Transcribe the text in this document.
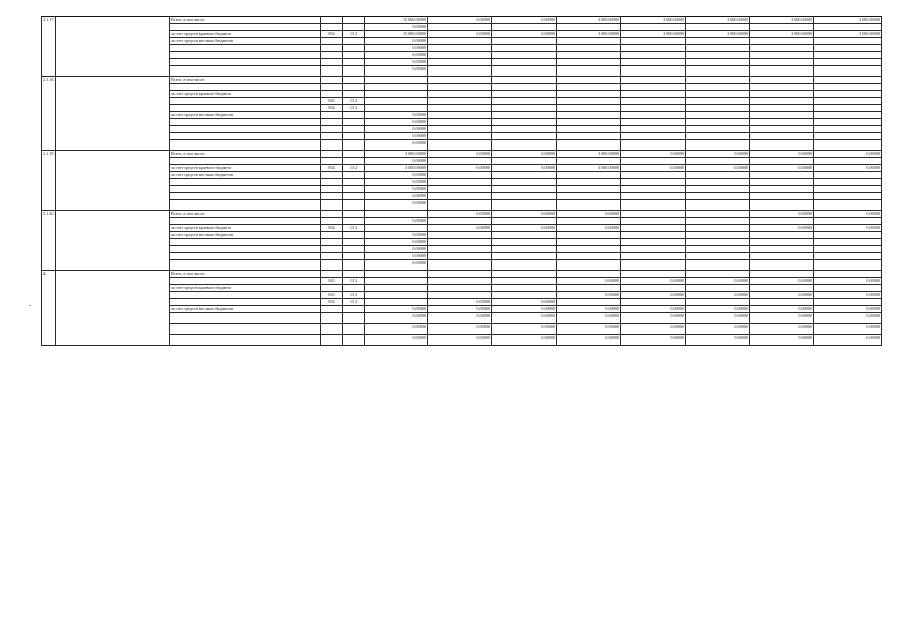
2.1.17.		Всего, в том числе:			15 000,00000	0,00000	0,00000	3 000,00000	3 000,00000	3 000,00000	3 000,00000	3 000,00000
					0,00000							
		за счет средств краевого бюджета	854	13 2	15 000,00000	0,00000	0,00000	3 000,00000	3 000,00000	3 000,00000	3 000,00000	3 000,00000
		за счет средств местных бюджетов			0,00000							
					0,00000							
					0,00000							
					0,00000							
					0,00000							
2.1.18.		Всего, в том числе:										

		за счет средств краевого бюджета										
			843	13 2								
			854	13 2								
		за счет средств местных бюджетов			0,00000							
					0,00000							
					0,00000							
					0,00000							
					0,00000							
2.1.19.		Всего, в том числе:			3 000,00000	0,00000	0,00000	3 000,00000	0,00000	0,00000	0,00000	0,00000
					0,00000							
		за счет средств краевого бюджета	854	13 2	3 000,00000	0,00000	0,00000	3 000,00000	0,00000	0,00000	0,00000	0,00000
		за счет средств местных бюджетов			0,00000							
					0,00000							
					0,00000							
					0,00000							
					0,00000							
2.1.20.		Всего, в том числе:				0,00000	0,00000	0,00000			0,00000	0,00000
					0,00000							
		за счет средств краевого бюджета	854	13 2		0,00000	0,00000	0,00000			0,00000	0,00000
		за счет средств местных бюджетов			0,00000							
					0,00000							
					0,00000							
					0,00000							
					0,00000							
2.		Всего, в том числе:										
			843	13 2				0,00000	0,00000	0,00000	0,00000	0,00000
		за счет средств краевого бюджета										
			843	13 3				0,00000	0,00000	0,00000	0,00000	0,00000
			854	13 2		0,00000	0,00000					
		за счет средств местных бюджетов			0,00000	0,00000	0,00000	0,00000	0,00000	0,00000	0,00000	0,00000
					0,00000	0,00000	0,00000	0,00000	0,00000	0,00000	0,00000	0,00000
					0,00000	0,00000	0,00000	0,00000	0,00000	0,00000	0,00000	0,00000
					0,00000	0,00000	0,00000	0,00000	0,00000	0,00000	0,00000	0,00000
